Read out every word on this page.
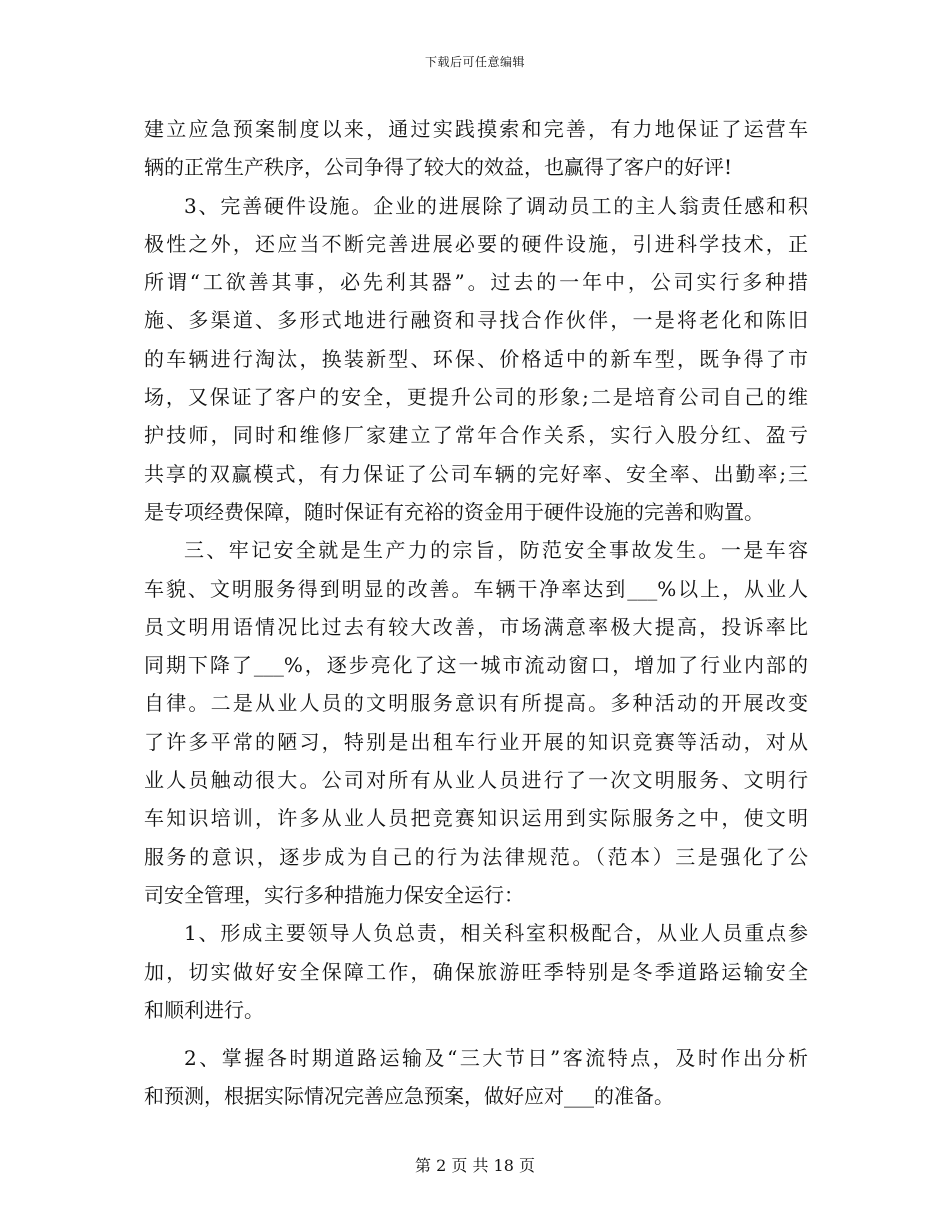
下载后可任意编辑
建立应急预案制度以来，通过实践摸索和完善，有力地保证了运营车
辆的正常生产秩序，公司争得了较大的效益，也赢得了客户的好评!
3、完善硬件设施。企业的进展除了调动员工的主人翁责任感和积
极性之外，还应当不断完善进展必要的硬件设施，引进科学技术，正
所谓“工欲善其事，必先利其器”。过去的一年中，公司实行多种措
施、多渠道、多形式地进行融资和寻找合作伙伴，一是将老化和陈旧
的车辆进行淘汰，换装新型、环保、价格适中的新车型，既争得了市
场，又保证了客户的安全，更提升公司的形象;二是培育公司自己的维
护技师，同时和维修厂家建立了常年合作关系，实行入股分红、盈亏
共享的双赢模式，有力保证了公司车辆的完好率、安全率、出勤率;三
是专项经费保障，随时保证有充裕的资金用于硬件设施的完善和购置。
三、牢记安全就是生产力的宗旨，防范安全事故发生。一是车容
车貌、文明服务得到明显的改善。车辆干净率达到___%以上，从业人
员文明用语情况比过去有较大改善，市场满意率极大提高，投诉率比
同期下降了___%，逐步亮化了这一城市流动窗口，增加了行业内部的
自律。二是从业人员的文明服务意识有所提高。多种活动的开展改变
了许多平常的陋习，特别是出租车行业开展的知识竞赛等活动，对从
业人员触动很大。公司对所有从业人员进行了一次文明服务、文明行
车知识培训，许多从业人员把竞赛知识运用到实际服务之中，使文明
服务的意识，逐步成为自己的行为法律规范。（范本）三是强化了公
司安全管理，实行多种措施力保安全运行：
1、形成主要领导人负总责，相关科室积极配合，从业人员重点参
加，切实做好安全保障工作，确保旅游旺季特别是冬季道路运输安全
和顺利进行。
2、掌握各时期道路运输及“三大节日”客流特点，及时作出分析
和预测，根据实际情况完善应急预案，做好应对___的准备。
第 2 页 共 18 页
